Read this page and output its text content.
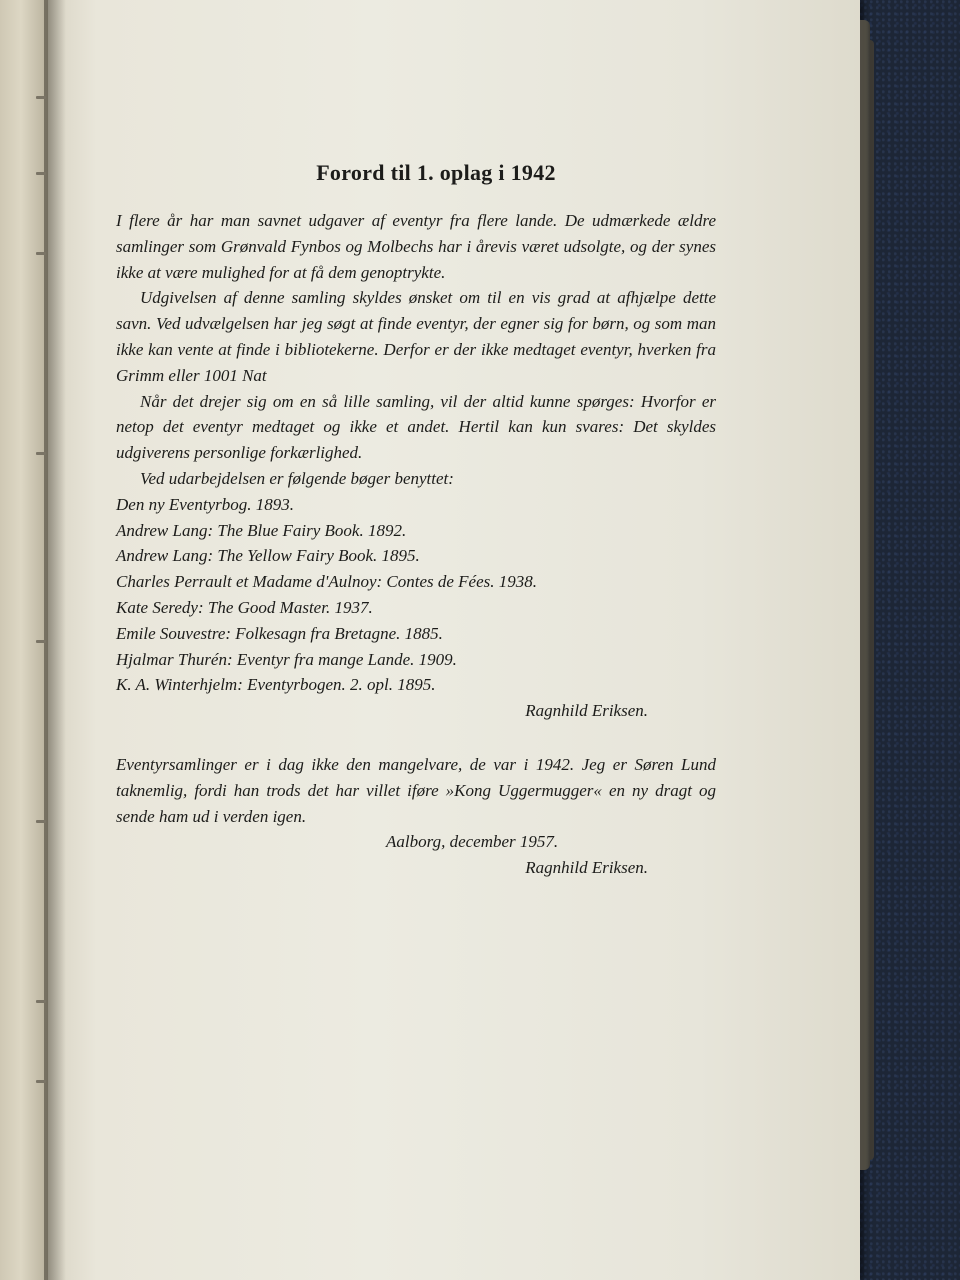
Forord til 1. oplag i 1942

I flere år har man savnet udgaver af eventyr fra flere lande. De udmærkede ældre samlinger som Grønvald Fynbos og Molbechs har i årevis været udsolgte, og der synes ikke at være mulighed for at få dem genoptrykte.

Udgivelsen af denne samling skyldes ønsket om til en vis grad at afhjælpe dette savn. Ved udvælgelsen har jeg søgt at finde eventyr, der egner sig for børn, og som man ikke kan vente at finde i bibliotekerne. Derfor er der ikke medtaget eventyr, hverken fra Grimm eller 1001 Nat

Når det drejer sig om en så lille samling, vil der altid kunne spørges: Hvorfor er netop det eventyr medtaget og ikke et andet. Hertil kan kun svares: Det skyldes udgiverens personlige forkærlighed.

Ved udarbejdelsen er følgende bøger benyttet:

Den ny Eventyrbog. 1893.

Andrew Lang: The Blue Fairy Book. 1892.

Andrew Lang: The Yellow Fairy Book. 1895.

Charles Perrault et Madame d'Aulnoy: Contes de Fées. 1938.

Kate Seredy: The Good Master. 1937.

Emile Souvestre: Folkesagn fra Bretagne. 1885.

Hjalmar Thurén: Eventyr fra mange Lande. 1909.

K. A. Winterhjelm: Eventyrbogen. 2. opl. 1895.

Ragnhild Eriksen.

Eventyrsamlinger er i dag ikke den mangelvare, de var i 1942. Jeg er Søren Lund taknemlig, fordi han trods det har villet iføre »Kong Uggermugger« en ny dragt og sende ham ud i verden igen.

Aalborg, december 1957.

Ragnhild Eriksen.
